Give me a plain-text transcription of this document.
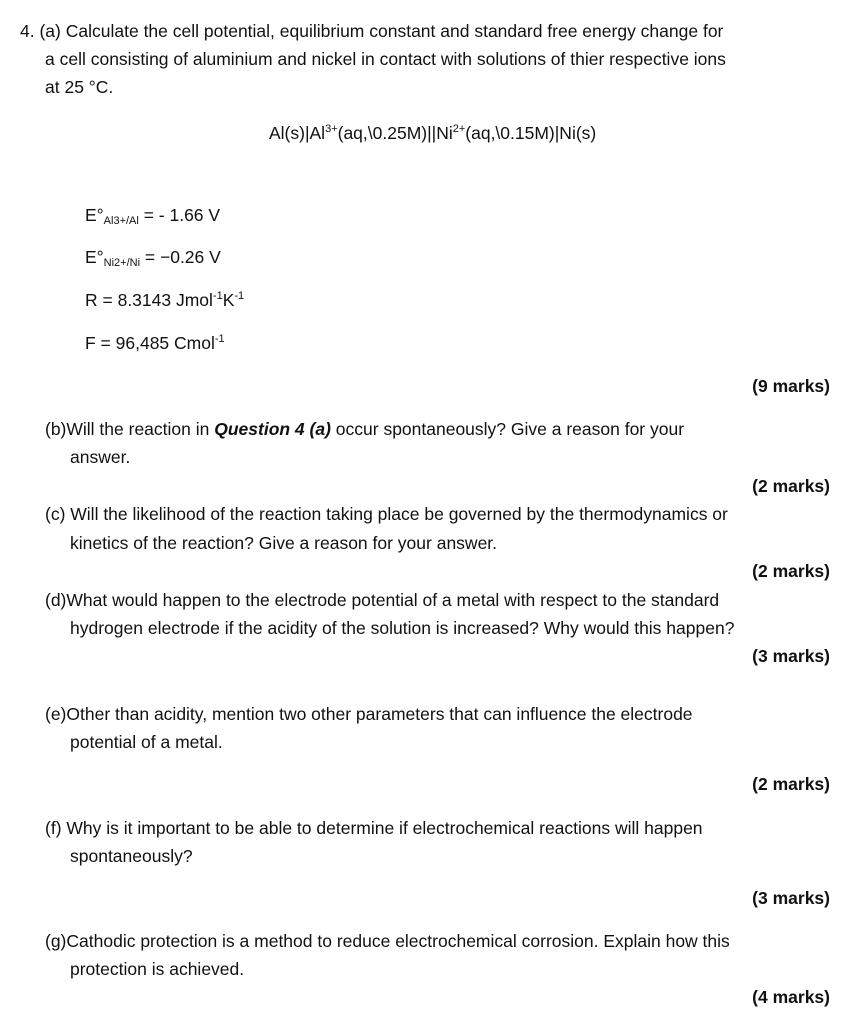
4. (a) Calculate the cell potential, equilibrium constant and standard free energy change for
a cell consisting of aluminium and nickel in contact with solutions of thier respective ions
at 25 °C.
$Al(s)|Al^{3+}(aq,\backslash 0.25M)||Ni^{2+}(aq,\backslash 0.15M)|Ni(s)$
$E^\circ_{Al3+/Al}$ = - 1.66 V
$E^\circ_{Ni2+/Ni} = -0.26$ V
R = 8.3143 $Jmol^{-1}K^{-1}$
F = 96,485 Cmol$^{-1}$
(9 marks)
(b)Will the reaction in Question 4 (a) occur spontaneously? Give a reason for your
answer.
(2 marks)
(c) Will the likelihood of the reaction taking place be governed by the thermodynamics or
kinetics of the reaction? Give a reason for your answer.
(2 marks)
(d)What would happen to the electrode potential of a metal with respect to the standard
hydrogen electrode if the acidity of the solution is increased? Why would this happen?
(3 marks)
(e)Other than acidity, mention two other parameters that can influence the electrode
potential of a metal.
(2 marks)
(f) Why is it important to be able to determine if electrochemical reactions will happen
spontaneously?
(3 marks)
(g)Cathodic protection is a method to reduce electrochemical corrosion. Explain how this
protection is achieved.
(4 marks)
